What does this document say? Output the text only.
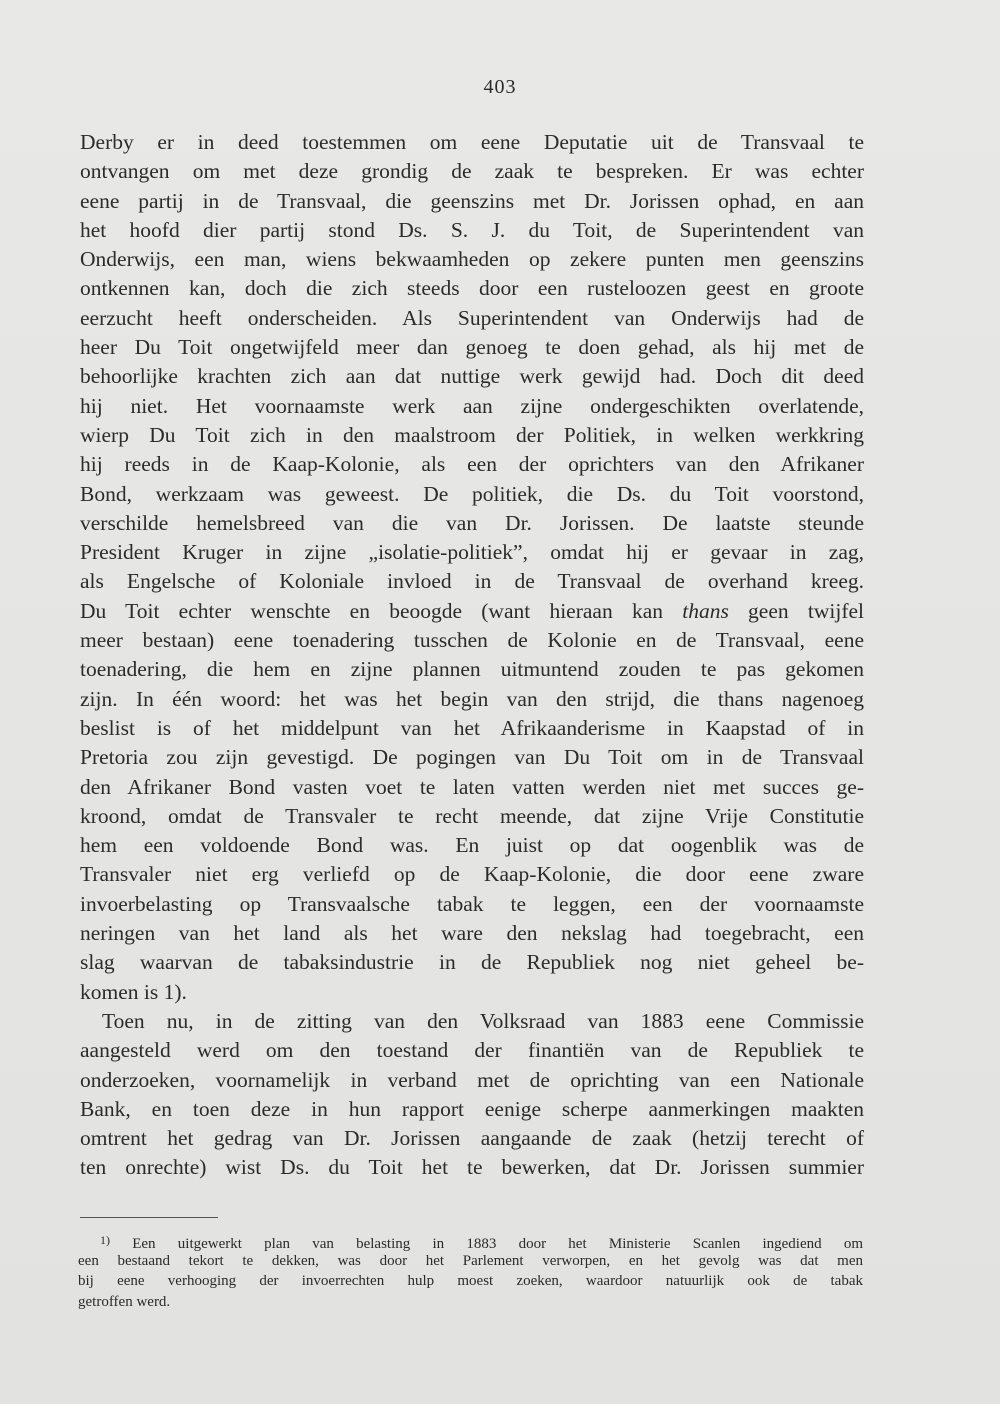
403
Derby er in deed toestemmen om eene Deputatie uit de Transvaal te
ontvangen om met deze grondig de zaak te bespreken. Er was echter
eene partij in de Transvaal, die geenszins met Dr. Jorissen ophad, en aan
het hoofd dier partij stond Ds. S. J. du Toit, de Superintendent van
Onderwijs, een man, wiens bekwaamheden op zekere punten men geenszins
ontkennen kan, doch die zich steeds door een rusteloozen geest en groote
eerzucht heeft onderscheiden. Als Superintendent van Onderwijs had de
heer Du Toit ongetwijfeld meer dan genoeg te doen gehad, als hij met de
behoorlijke krachten zich aan dat nuttige werk gewijd had. Doch dit deed
hij niet. Het voornaamste werk aan zijne ondergeschikten overlatende,
wierp Du Toit zich in den maalstroom der Politiek, in welken werkkring
hij reeds in de Kaap-Kolonie, als een der oprichters van den Afrikaner
Bond, werkzaam was geweest. De politiek, die Ds. du Toit voorstond,
verschilde hemelsbreed van die van Dr. Jorissen. De laatste steunde
President Kruger in zijne „isolatie-politiek”, omdat hij er gevaar in zag,
als Engelsche of Koloniale invloed in de Transvaal de overhand kreeg.
Du Toit echter wenschte en beoogde (want hieraan kan thans geen twijfel
meer bestaan) eene toenadering tusschen de Kolonie en de Transvaal, eene
toenadering, die hem en zijne plannen uitmuntend zouden te pas gekomen
zijn. In één woord: het was het begin van den strijd, die thans nagenoeg
beslist is of het middelpunt van het Afrikaanderisme in Kaapstad of in
Pretoria zou zijn gevestigd. De pogingen van Du Toit om in de Transvaal
den Afrikaner Bond vasten voet te laten vatten werden niet met succes ge-
kroond, omdat de Transvaler te recht meende, dat zijne Vrije Constitutie
hem een voldoende Bond was. En juist op dat oogenblik was de
Transvaler niet erg verliefd op de Kaap-Kolonie, die door eene zware
invoerbelasting op Transvaalsche tabak te leggen, een der voornaamste
neringen van het land als het ware den nekslag had toegebracht, een
slag waarvan de tabaksindustrie in de Republiek nog niet geheel be-
komen is 1).
Toen nu, in de zitting van den Volksraad van 1883 eene Commissie
aangesteld werd om den toestand der finantiën van de Republiek te
onderzoeken, voornamelijk in verband met de oprichting van een Nationale
Bank, en toen deze in hun rapport eenige scherpe aanmerkingen maakten
omtrent het gedrag van Dr. Jorissen aangaande de zaak (hetzij terecht of
ten onrechte) wist Ds. du Toit het te bewerken, dat Dr. Jorissen summier
$^{1)}$ Een uitgewerkt plan van belasting in 1883 door het Ministerie Scanlen ingediend om
een bestaand tekort te dekken, was door het Parlement verworpen, en het gevolg was dat men
bij eene verhooging der invoerrechten hulp moest zoeken, waardoor natuurlijk ook de tabak
getroffen werd.
